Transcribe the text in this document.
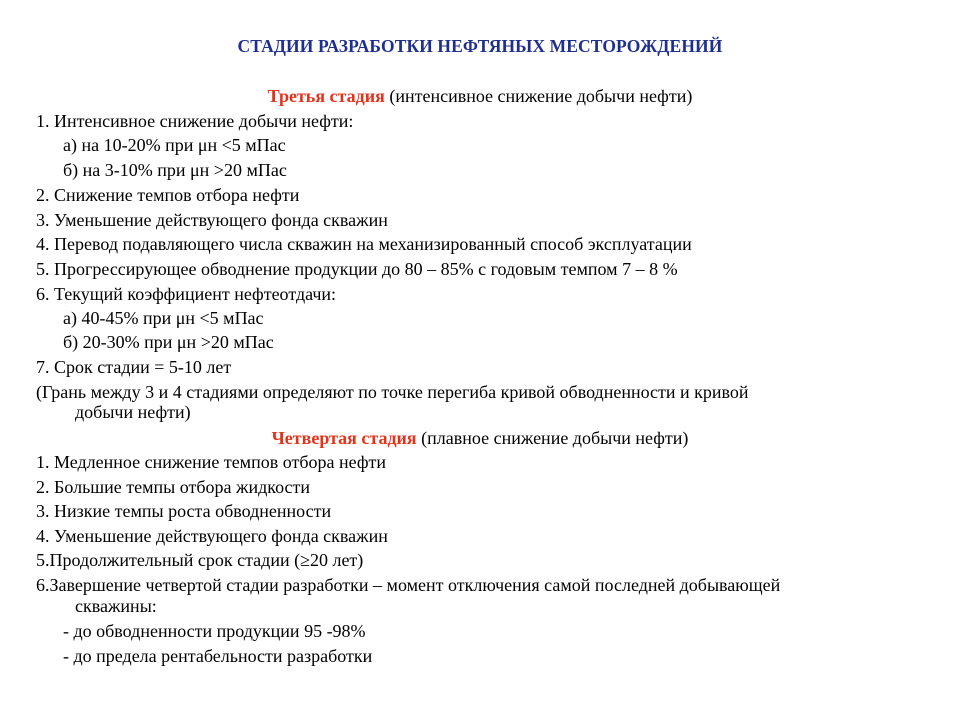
СТАДИИ РАЗРАБОТКИ НЕФТЯНЫХ МЕСТОРОЖДЕНИЙ
Третья стадия (интенсивное снижение добычи нефти)
1. Интенсивное снижение добычи нефти:
а) на 10-20% при μн <5 мПас
б) на 3-10% при μн >20 мПас
2. Снижение темпов отбора нефти
3. Уменьшение действующего фонда скважин
4. Перевод подавляющего числа скважин на механизированный способ эксплуатации
5. Прогрессирующее обводнение продукции до 80 – 85% с годовым темпом 7 – 8 %
6. Текущий коэффициент нефтеотдачи:
а) 40-45% при μн <5 мПас
б) 20-30% при μн >20 мПас
7. Срок стадии = 5-10 лет
(Грань между 3 и 4 стадиями определяют по точке перегиба кривой обводненности и кривой
добычи нефти)
Четвертая стадия (плавное снижение добычи нефти)
1. Медленное снижение темпов отбора нефти
2. Большие темпы отбора жидкости
3. Низкие темпы роста обводненности
4. Уменьшение действующего фонда скважин
5.Продолжительный срок стадии (≥20 лет)
6.Завершение четвертой стадии разработки – момент отключения самой последней добывающей
скважины:
- до обводненности продукции 95 -98%
- до предела рентабельности разработки
